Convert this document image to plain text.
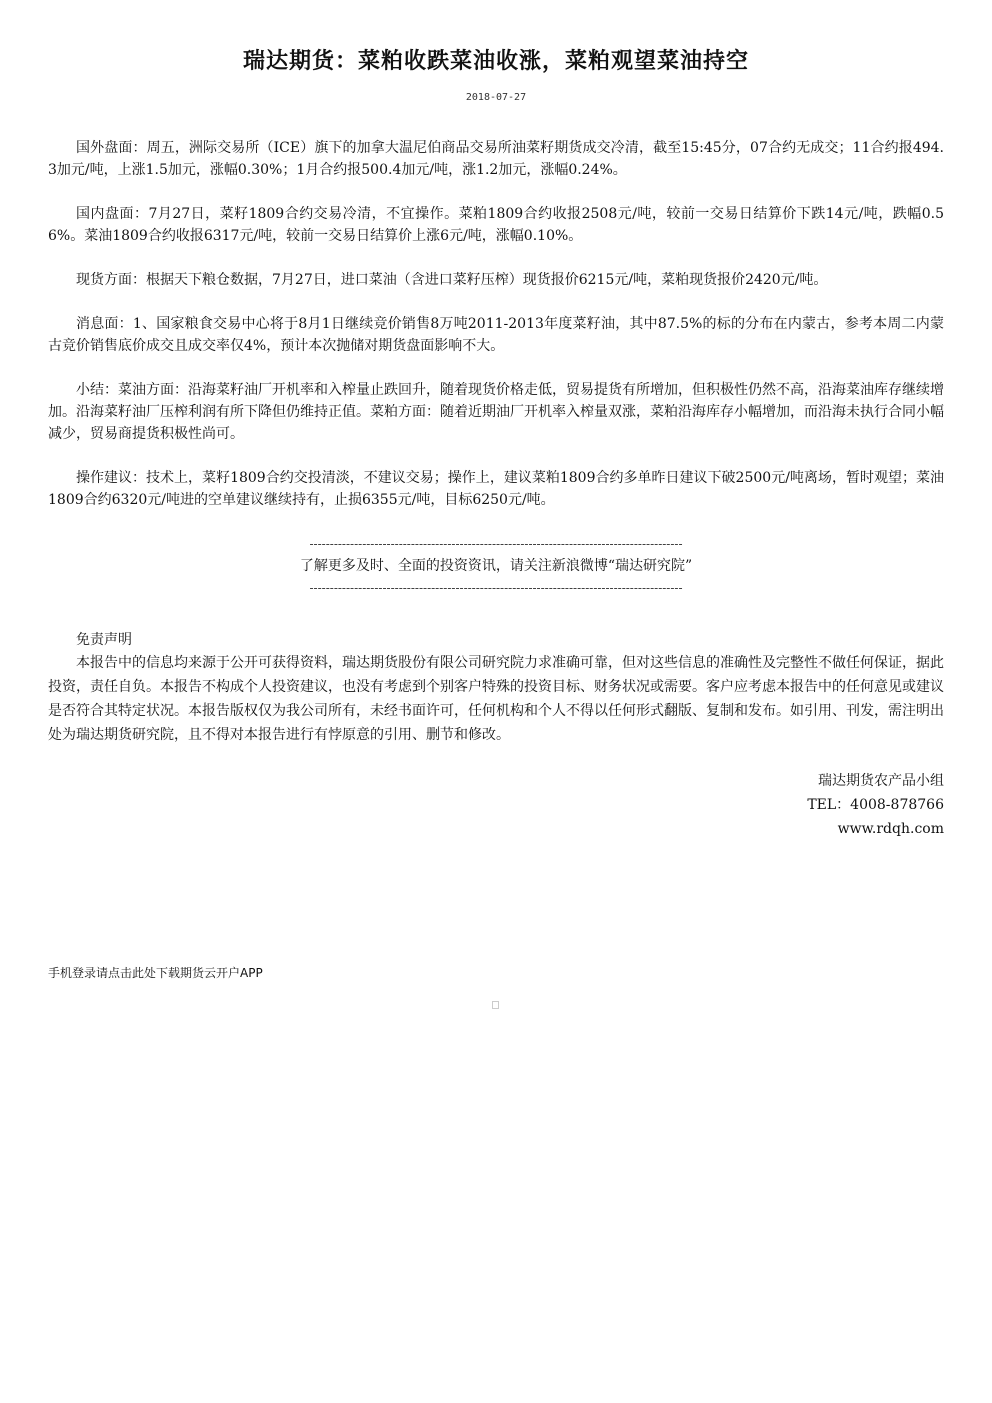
瑞达期货：菜粕收跌菜油收涨，菜粕观望菜油持空
2018-07-27

国外盘面：周五，洲际交易所（ICE）旗下的加拿大温尼伯商品交易所油菜籽期货成交冷清，截至15:45分，07合约无成交；11合约报494.3加元/吨，上涨1.5加元，涨幅0.30%；1月合约报500.4加元/吨，涨1.2加元，涨幅0.24%。

国内盘面：7月27日，菜籽1809合约交易冷清，不宜操作。菜粕1809合约收报2508元/吨，较前一交易日结算价下跌14元/吨，跌幅0.56%。菜油1809合约收报6317元/吨，较前一交易日结算价上涨6元/吨，涨幅0.10%。

现货方面：根据天下粮仓数据，7月27日，进口菜油（含进口菜籽压榨）现货报价6215元/吨，菜粕现货报价2420元/吨。

消息面：1、国家粮食交易中心将于8月1日继续竞价销售8万吨2011-2013年度菜籽油，其中87.5%的标的分布在内蒙古，参考本周二内蒙古竞价销售底价成交且成交率仅4%，预计本次抛储对期货盘面影响不大。

小结：菜油方面：沿海菜籽油厂开机率和入榨量止跌回升，随着现货价格走低，贸易提货有所增加，但积极性仍然不高，沿海菜油库存继续增加。沿海菜籽油厂压榨利润有所下降但仍维持正值。菜粕方面：随着近期油厂开机率入榨量双涨，菜粕沿海库存小幅增加，而沿海未执行合同小幅减少，贸易商提货积极性尚可。

操作建议：技术上，菜籽1809合约交投清淡，不建议交易；操作上，建议菜粕1809合约多单昨日建议下破2500元/吨离场，暂时观望；菜油1809合约6320元/吨进的空单建议继续持有，止损6355元/吨，目标6250元/吨。

--------------------------------------------------------------------------------------------
了解更多及时、全面的投资资讯，请关注新浪微博“瑞达研究院”
--------------------------------------------------------------------------------------------
免责声明

本报告中的信息均来源于公开可获得资料，瑞达期货股份有限公司研究院力求准确可靠，但对这些信息的准确性及完整性不做任何保证，据此投资，责任自负。本报告不构成个人投资建议，也没有考虑到个别客户特殊的投资目标、财务状况或需要。客户应考虑本报告中的任何意见或建议是否符合其特定状况。本报告版权仅为我公司所有，未经书面许可，任何机构和个人不得以任何形式翻版、复制和发布。如引用、刊发，需注明出处为瑞达期货研究院，且不得对本报告进行有悖原意的引用、删节和修改。

瑞达期货农产品小组
TEL：4008-878766
www.rdqh.com
手机登录请点击此处下载期货云开户APP
